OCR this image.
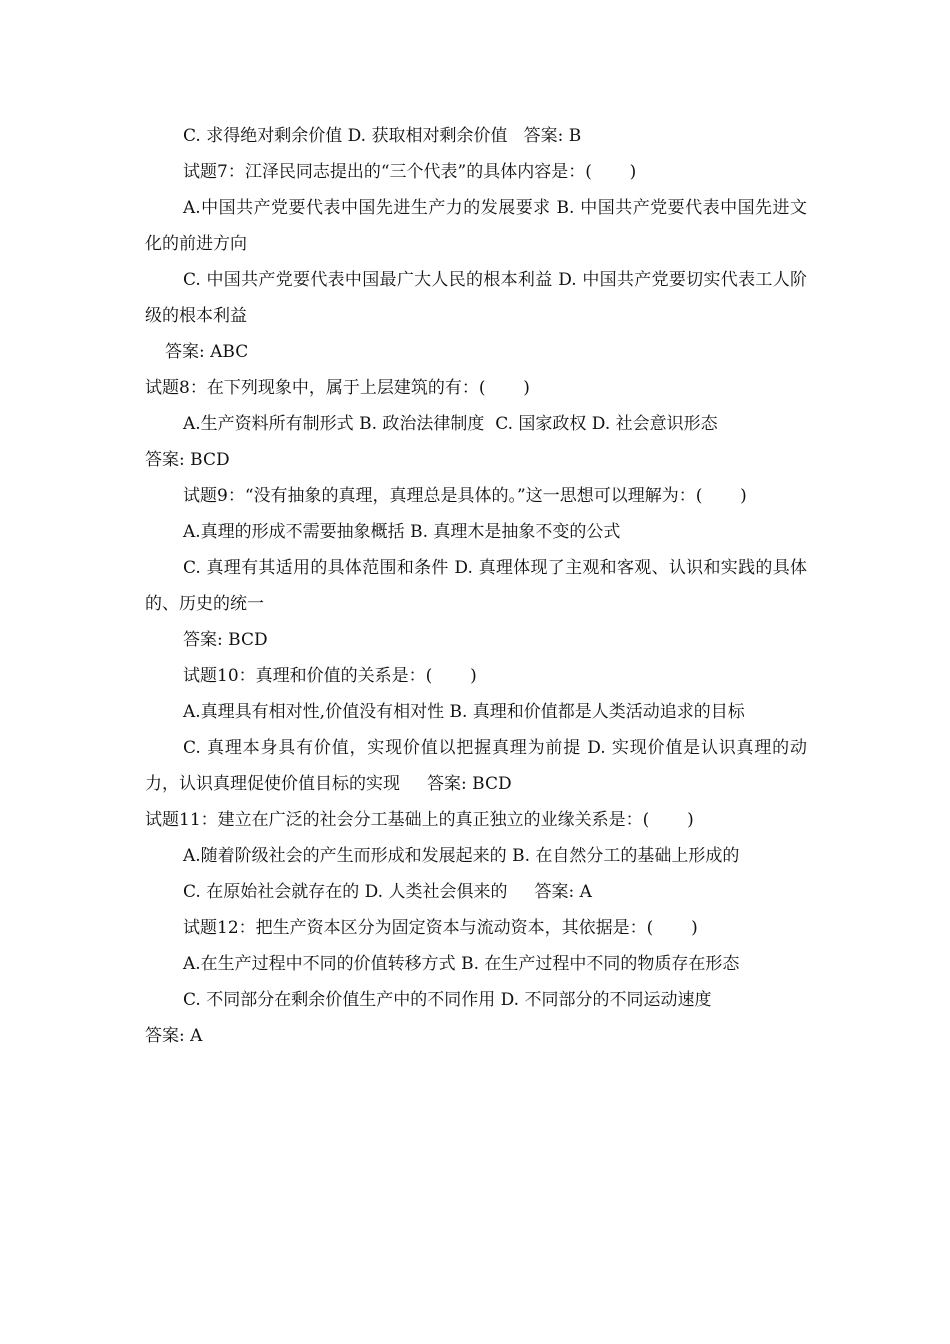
C. 求得绝对剩余价值 D. 获取相对剩余价值   答案: B

试题7：江泽民同志提出的“三个代表”的具体内容是：(       )

A.中国共产党要代表中国先进生产力的发展要求 B. 中国共产党要代表中国先进文化的前进方向

C. 中国共产党要代表中国最广大人民的根本利益 D. 中国共产党要切实代表工人阶级的根本利益

答案: ABC

试题8：在下列现象中，属于上层建筑的有：(       )

A.生产资料所有制形式 B. 政治法律制度  C. 国家政权 D. 社会意识形态

答案: BCD

试题9：“没有抽象的真理，真理总是具体的。”这一思想可以理解为：(       )

A.真理的形成不需要抽象概括 B. 真理木是抽象不变的公式

C. 真理有其适用的具体范围和条件 D. 真理体现了主观和客观、认识和实践的具体的、历史的统一

答案: BCD

试题10：真理和价值的关系是：(       )

A.真理具有相对性,价值没有相对性 B. 真理和价值都是人类活动追求的目标

C. 真理本身具有价值，实现价值以把握真理为前提 D. 实现价值是认识真理的动力，认识真理促使价值目标的实现     答案: BCD

试题11：建立在广泛的社会分工基础上的真正独立的业缘关系是：(       )

A.随着阶级社会的产生而形成和发展起来的 B. 在自然分工的基础上形成的

C. 在原始社会就存在的 D. 人类社会俱来的     答案: A

试题12：把生产资本区分为固定资本与流动资本，其依据是：(       )

A.在生产过程中不同的价值转移方式 B. 在生产过程中不同的物质存在形态

C. 不同部分在剩余价值生产中的不同作用 D. 不同部分的不同运动速度

答案: A
